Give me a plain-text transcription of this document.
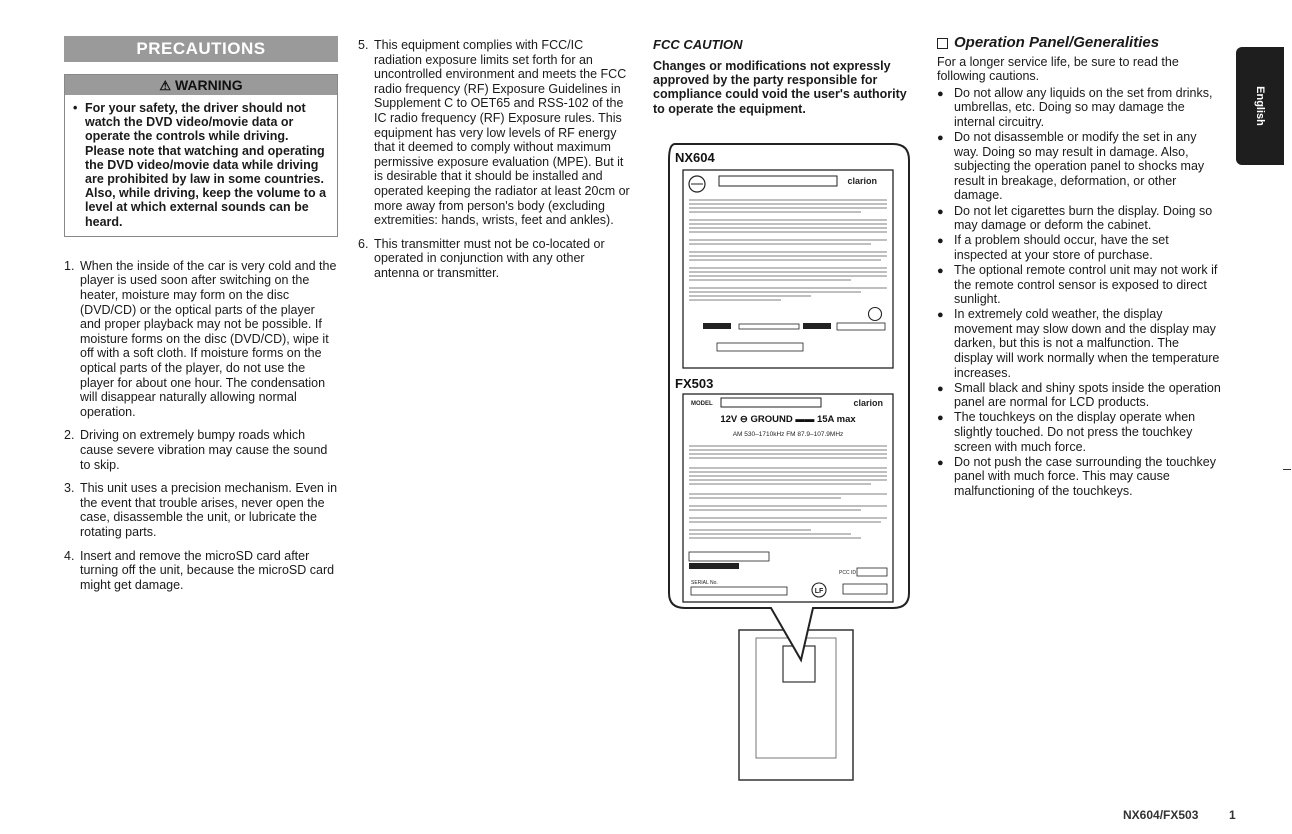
PRECAUTIONS
⚠ WARNING
• For your safety, the driver should not watch the DVD video/movie data or operate the controls while driving. Please note that watching and operating the DVD video/movie data while driving are prohibited by law in some countries. Also, while driving, keep the volume to a level at which external sounds can be heard.
1. When the inside of the car is very cold and the player is used soon after switching on the heater, moisture may form on the disc (DVD/CD) or the optical parts of the player and proper playback may not be possible. If moisture forms on the disc (DVD/CD), wipe it off with a soft cloth. If moisture forms on the optical parts of the player, do not use the player for about one hour. The condensation will disappear naturally allowing normal operation.
2. Driving on extremely bumpy roads which cause severe vibration may cause the sound to skip.
3. This unit uses a precision mechanism. Even in the event that trouble arises, never open the case, disassemble the unit, or lubricate the rotating parts.
4. Insert and remove the microSD card after turning off the unit, because the microSD card might get damage.
5. This equipment complies with FCC/IC radiation exposure limits set forth for an uncontrolled environment and meets the FCC radio frequency (RF) Exposure Guidelines in Supplement C to OET65 and RSS-102 of the IC radio frequency (RF) Exposure rules. This equipment has very low levels of RF energy that it deemed to comply without maximum permissive exposure evaluation (MPE). But it is desirable that it should be installed and operated keeping the radiator at least 20cm or more away from person's body (excluding extremities: hands, wrists, feet and ankles).
6. This transmitter must not be co-located or operated in conjunction with any other antenna or transmitter.
FCC CAUTION
Changes or modifications not expressly approved by the party responsible for compliance could void the user's authority to operate the equipment.
NX604
clarion
FX503
MODEL	clarion
12V ⊖ GROUND ▬▬ 15A max
AM 530–1710kHz FM 87.9–107.9MHz
PCC ID
SERIAL No.
LF
Operation Panel/Generalities
For a longer service life, be sure to read the following cautions.
● Do not allow any liquids on the set from drinks, umbrellas, etc. Doing so may damage the internal circuitry.
● Do not disassemble or modify the set in any way. Doing so may result in damage. Also, subjecting the operation panel to shocks may result in breakage, deformation, or other damage.
● Do not let cigarettes burn the display. Doing so may damage or deform the cabinet.
● If a problem should occur, have the set inspected at your store of purchase.
● The optional remote control unit may not work if the remote control sensor is exposed to direct sunlight.
● In extremely cold weather, the display movement may slow down and the display may darken, but this is not a malfunction. The display will work normally when the temperature increases.
● Small black and shiny spots inside the operation panel are normal for LCD products.
● The touchkeys on the display operate when slightly touched. Do not press the touchkey screen with much force.
● Do not push the case surrounding the touchkey panel with much force. This may cause malfunctioning of the touchkeys.
English
NX604/FX503	1
